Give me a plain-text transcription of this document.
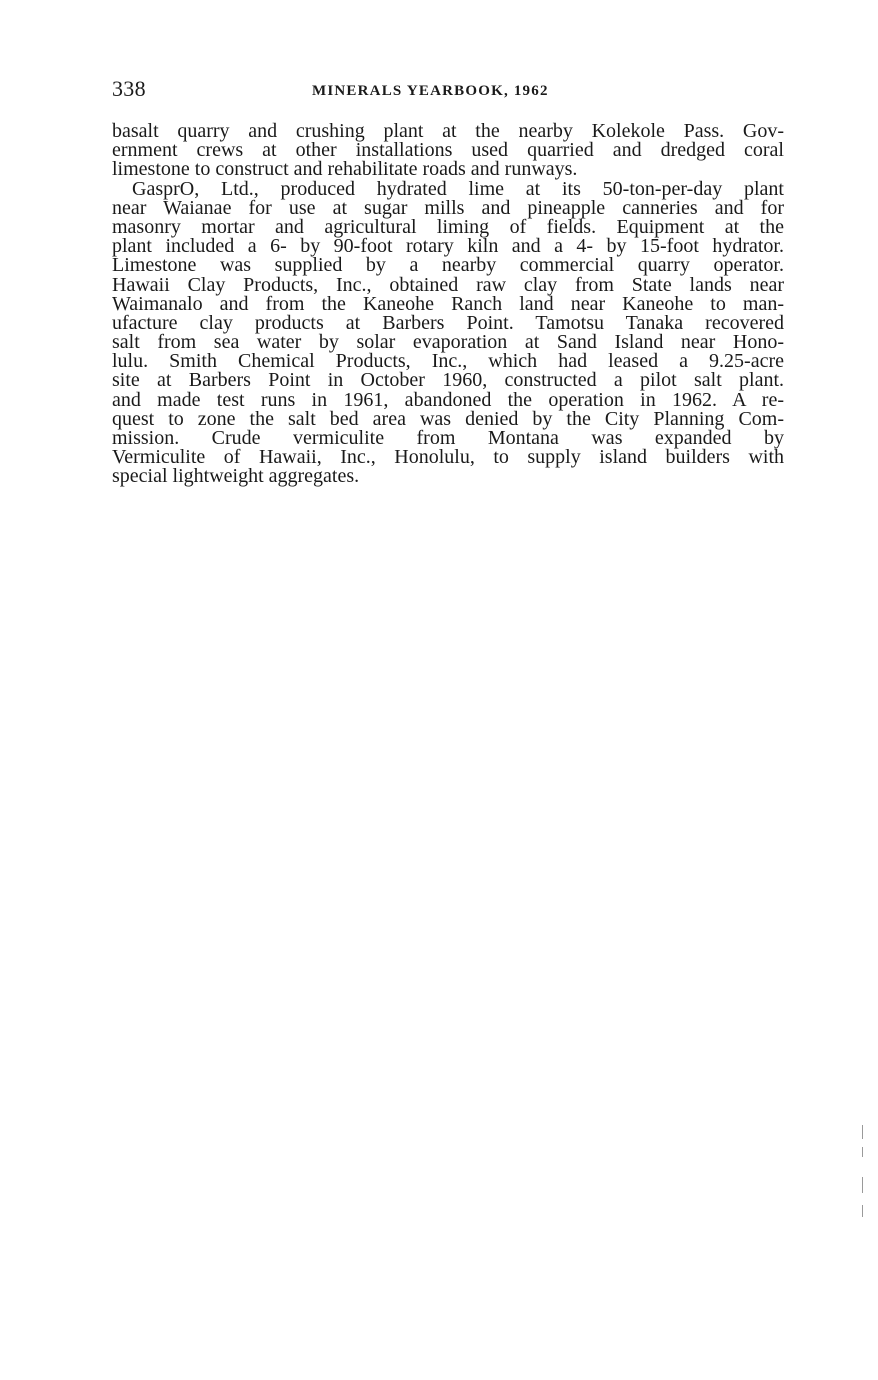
338	MINERALS YEARBOOK, 1962
basalt quarry and crushing plant at the nearby Kolekole Pass. Gov-
ernment crews at other installations used quarried and dredged coral
limestone to construct and rehabilitate roads and runways.
GasprO, Ltd., produced hydrated lime at its 50-ton-per-day plant
near Waianae for use at sugar mills and pineapple canneries and for
masonry mortar and agricultural liming of fields. Equipment at the
plant included a 6- by 90-foot rotary kiln and a 4- by 15-foot hydrator.
Limestone was supplied by a nearby commercial quarry operator.
Hawaii Clay Products, Inc., obtained raw clay from State lands near
Waimanalo and from the Kaneohe Ranch land near Kaneohe to man-
ufacture clay products at Barbers Point. Tamotsu Tanaka recovered
salt from sea water by solar evaporation at Sand Island near Hono-
lulu. Smith Chemical Products, Inc., which had leased a 9.25-acre
site at Barbers Point in October 1960, constructed a pilot salt plant.
and made test runs in 1961, abandoned the operation in 1962. A re-
quest to zone the salt bed area was denied by the City Planning Com-
mission. Crude vermiculite from Montana was expanded by
Vermiculite of Hawaii, Inc., Honolulu, to supply island builders with
special lightweight aggregates.
